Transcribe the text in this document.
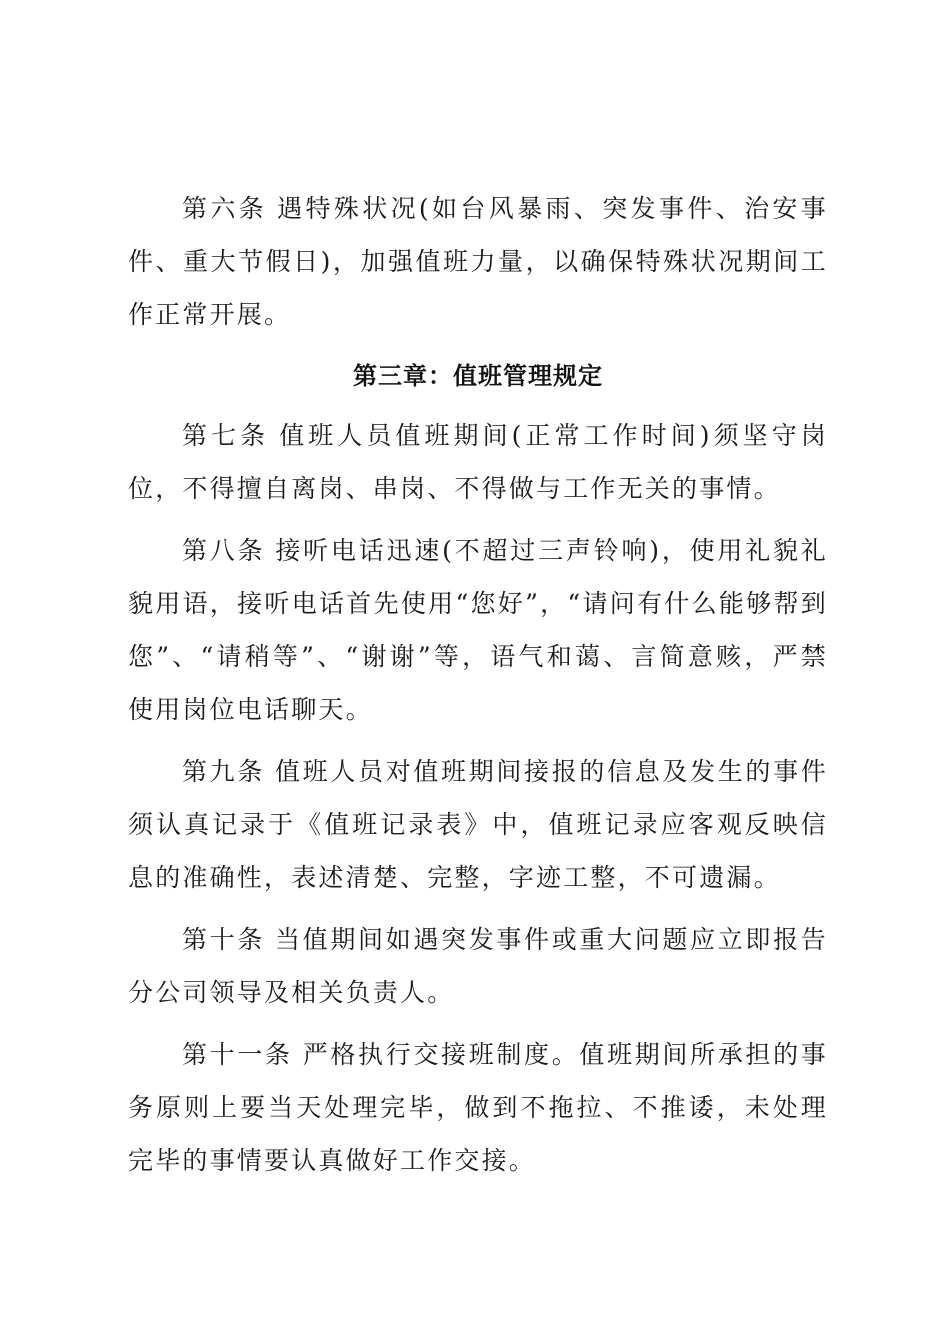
第六条 遇特殊状况(如台风暴雨、突发事件、治安事件、重大节假日)，加强值班力量，以确保特殊状况期间工作正常开展。

第三章：值班管理规定

第七条 值班人员值班期间(正常工作时间)须坚守岗位，不得擅自离岗、串岗、不得做与工作无关的事情。

第八条 接听电话迅速(不超过三声铃响)，使用礼貌礼貌用语，接听电话首先使用“您好”，“请问有什么能够帮到您”、“请稍等”、“谢谢”等，语气和蔼、言简意赅，严禁使用岗位电话聊天。

第九条 值班人员对值班期间接报的信息及发生的事件须认真记录于《值班记录表》中，值班记录应客观反映信息的准确性，表述清楚、完整，字迹工整，不可遗漏。

第十条 当值期间如遇突发事件或重大问题应立即报告分公司领导及相关负责人。

第十一条 严格执行交接班制度。值班期间所承担的事务原则上要当天处理完毕，做到不拖拉、不推诿，未处理完毕的事情要认真做好工作交接。
